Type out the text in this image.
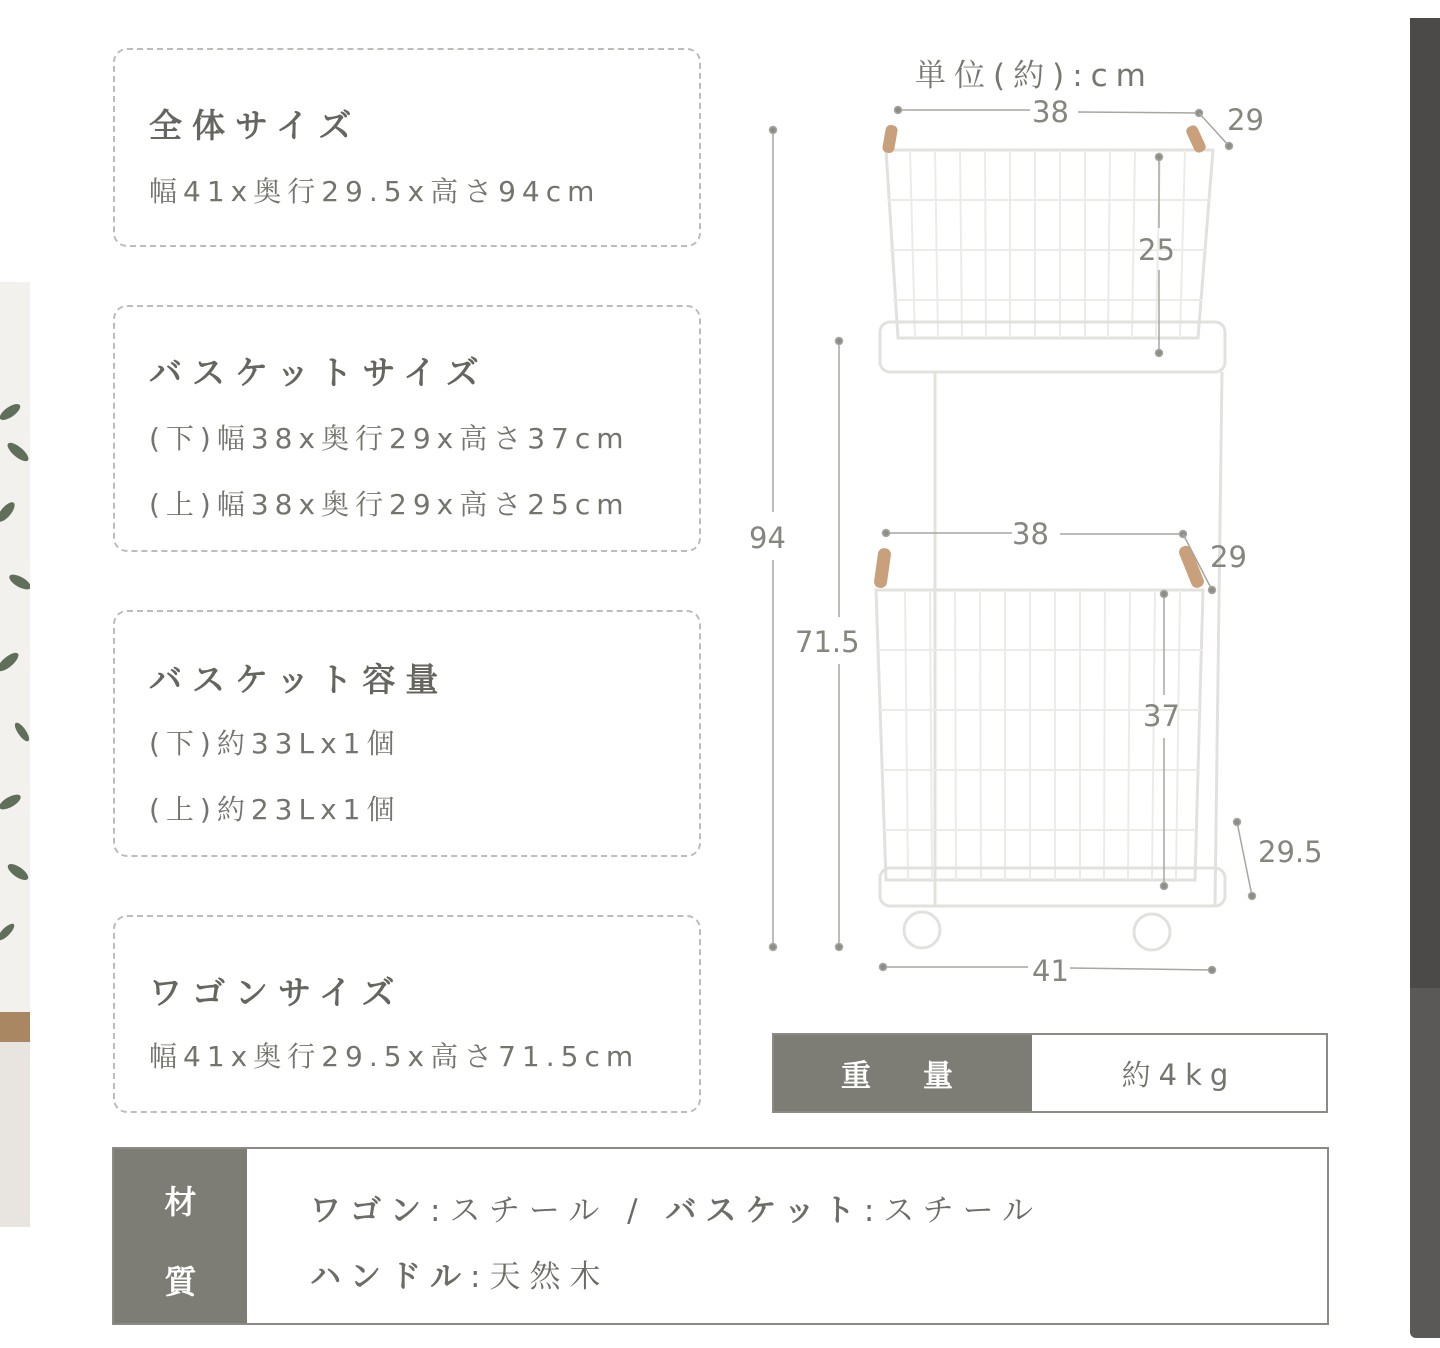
全体サイズ
幅41x奥行29.5x高さ94cm
バスケットサイズ
(下)幅38x奥行29x高さ37cm
(上)幅38x奥行29x高さ25cm
バスケット容量
(下)約33Lx1個
(上)約23Lx1個
ワゴンサイズ
幅41x奥行29.5x高さ71.5cm
単位(約):cm
38	29
25
94
71.5
38
29
37
29.5
41
重量	約4kg
材
質
ワゴン:スチール / バスケット:スチール
ハンドル:天然木
